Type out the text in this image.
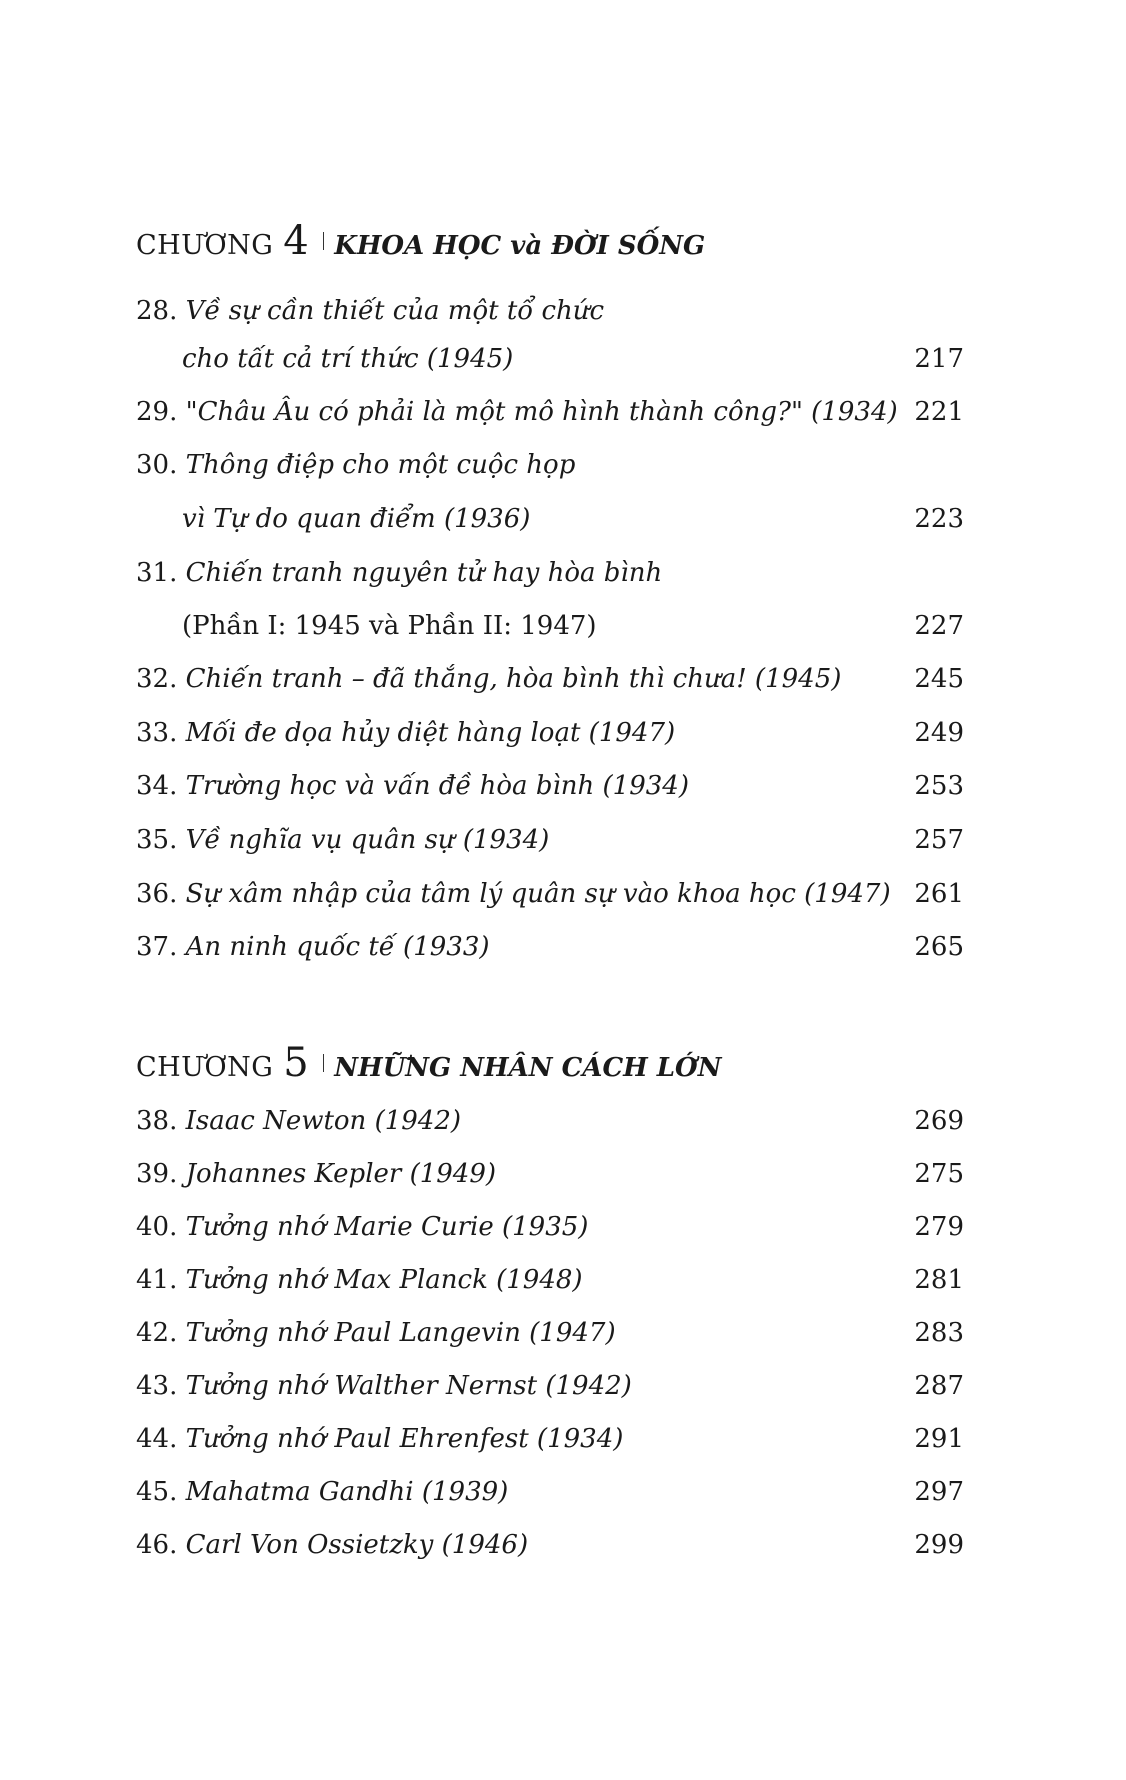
CHƯƠNG 4 KHOA HỌC và ĐỜI SỐNG
28. Về sự cần thiết của một tổ chức
cho tất cả trí thức (1945)	217
29. "Châu Âu có phải là một mô hình thành công?" (1934) 221
30. Thông điệp cho một cuộc họp
vì Tự do quan điểm (1936)	223
31. Chiến tranh nguyên tử hay hòa bình
(Phần I: 1945 và Phần II: 1947)	227
32. Chiến tranh – đã thắng, hòa bình thì chưa! (1945)	245
33. Mối đe dọa hủy diệt hàng loạt (1947)	249
34. Trường học và vấn đề hòa bình (1934)	253
35. Về nghĩa vụ quân sự (1934)	257
36. Sự xâm nhập của tâm lý quân sự vào khoa học (1947) 261
37. An ninh quốc tế (1933)	265
CHƯƠNG 5 NHỮNG NHÂN CÁCH LỚN
38. Isaac Newton (1942)	269
39. Johannes Kepler (1949)	275
40. Tưởng nhớ Marie Curie (1935)	279
41. Tưởng nhớ Max Planck (1948)	281
42. Tưởng nhớ Paul Langevin (1947)	283
43. Tưởng nhớ Walther Nernst (1942)	287
44. Tưởng nhớ Paul Ehrenfest (1934)	291
45. Mahatma Gandhi (1939)	297
46. Carl Von Ossietzky (1946)	299
